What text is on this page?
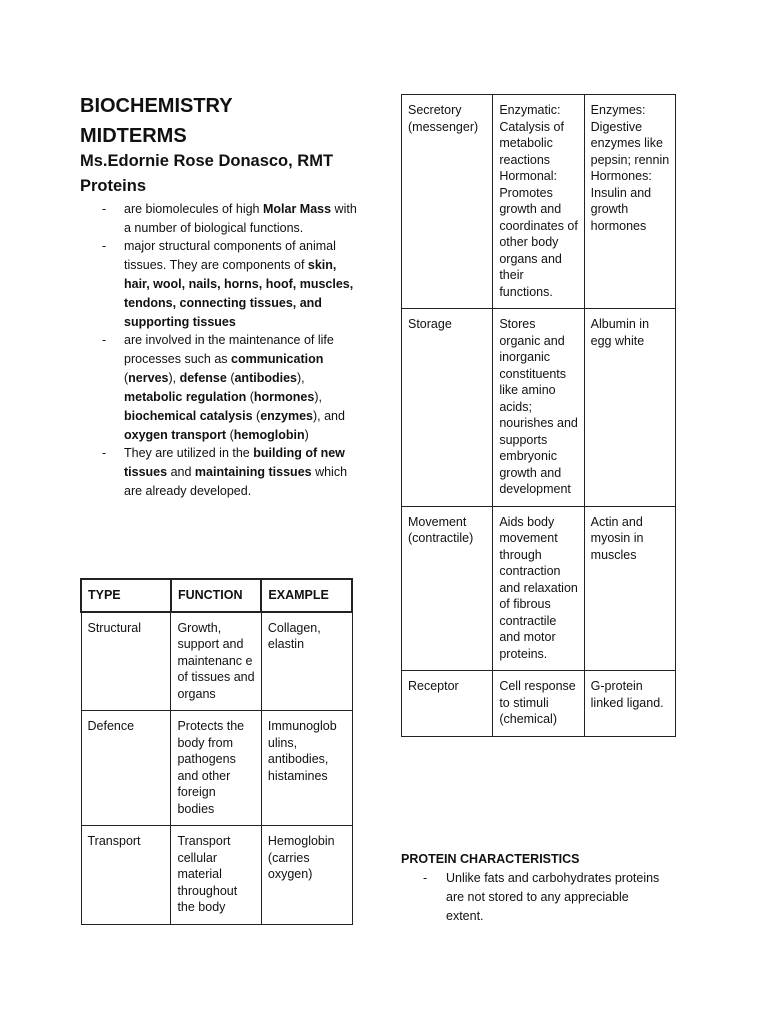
BIOCHEMISTRY
MIDTERMS
Ms.Edornie Rose Donasco, RMT
Proteins
- are biomolecules of high Molar Mass with a number of biological functions.
- major structural components of animal tissues. They are components of skin, hair, wool, nails, horns, hoof, muscles, tendons, connecting tissues, and supporting tissues
- are involved in the maintenance of life processes such as communication (nerves), defense (antibodies), metabolic regulation (hormones), biochemical catalysis (enzymes), and oxygen transport (hemoglobin)
- They are utilized in the building of new tissues and maintaining tissues which are already developed.
TYPE	FUNCTION	EXAMPLE
Structural	Growth, support and maintenanc e of tissues and organs	Collagen, elastin
Defence	Protects the body from pathogens and other foreign bodies	Immunoglob ulins, antibodies, histamines
Transport	Transport cellular material throughout the body	Hemoglobin (carries oxygen)
Secretory (messenger)	Enzymatic: Catalysis of metabolic reactions Hormonal: Promotes growth and coordinates of other body organs and their functions.	Enzymes: Digestive enzymes like pepsin; rennin Hormones: Insulin and growth hormones
Storage	Stores organic and inorganic constituents like amino acids; nourishes and supports embryonic growth and development	Albumin in egg white
Movement (contractile)	Aids body movement through contraction and relaxation of fibrous contractile and motor proteins.	Actin and myosin in muscles
Receptor	Cell response to stimuli (chemical)	G-protein linked ligand.
PROTEIN CHARACTERISTICS
- Unlike fats and carbohydrates proteins are not stored to any appreciable extent.
